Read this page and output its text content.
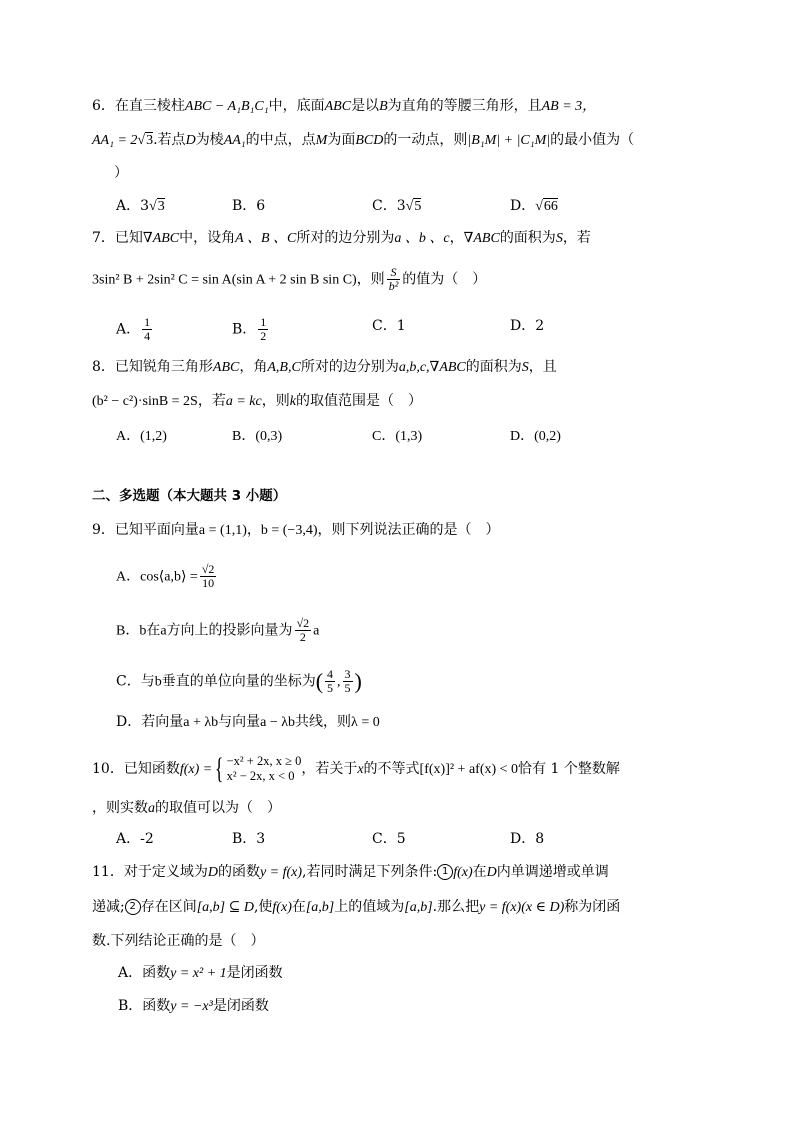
6．在直三棱柱ABC − A₁B₁C₁中，底面ABC是以B为直角的等腰三角形，且AB = 3，
AA₁ = 2√3.若点D为棱AA₁的中点，点M为面BCD的一动点，则|B₁M| + |C₁M|的最小值为（
）
A．3√3	B．6	C．3√5	D．√66
7．已知∇ABC中，设角A 、B 、C所对的边分别为a 、b 、c，∇ABC的面积为S，若
3sin² B + 2sin² C = sin A(sin A + 2 sin B sin C)，则 $\frac{S}{\text{b²}}$ 的值为（　）
A． $\frac{1}{4}$	B． $\frac{1}{2}$	C．1	D．2
8．已知锐角三角形ABC，角A,B,C所对的边分别为a,b,c,∇ABC的面积为S，且
(b² − c²)·sinB = 2S，若a = kc，则k的取值范围是（　）
A．(1,2)	B．(0,3)	C．(1,3)	D．(0,2)
二、多选题（本大题共 3 小题）
9．已知平面向量a = (1,1)，b = (−3,4)，则下列说法正确的是（　）
A．cos⟨a,b⟩ = $\frac{√2}{10}$
B．b在a方向上的投影向量为 $\frac{√2}{2}$ a
C．与b垂直的单位向量的坐标为( $\frac{4}{5}$ , $\frac{3}{5}$ )
D．若向量a + λb与向量a − λb共线，则λ = 0
10．已知函数f(x) ={ −x² + 2x, x ≥ 0
x² − 2x, x < 0 ，若关于x的不等式[f(x)]² + af(x) < 0恰有 1 个整数解
，则实数a的取值可以为（　）
A．-2	B．3	C．5	D．8
11．对于定义域为D的函数y = f(x),若同时满足下列条件: 1 f(x)在D内单调递增或单调
递减; 2 存在区间[a,b] ⊆ D,使f(x)在[a,b]上的值域为[a,b].那么把y = f(x)(x ∈ D)称为闭函
数.下列结论正确的是（　）
A．函数y = x² + 1是闭函数
B．函数y = −x³是闭函数
